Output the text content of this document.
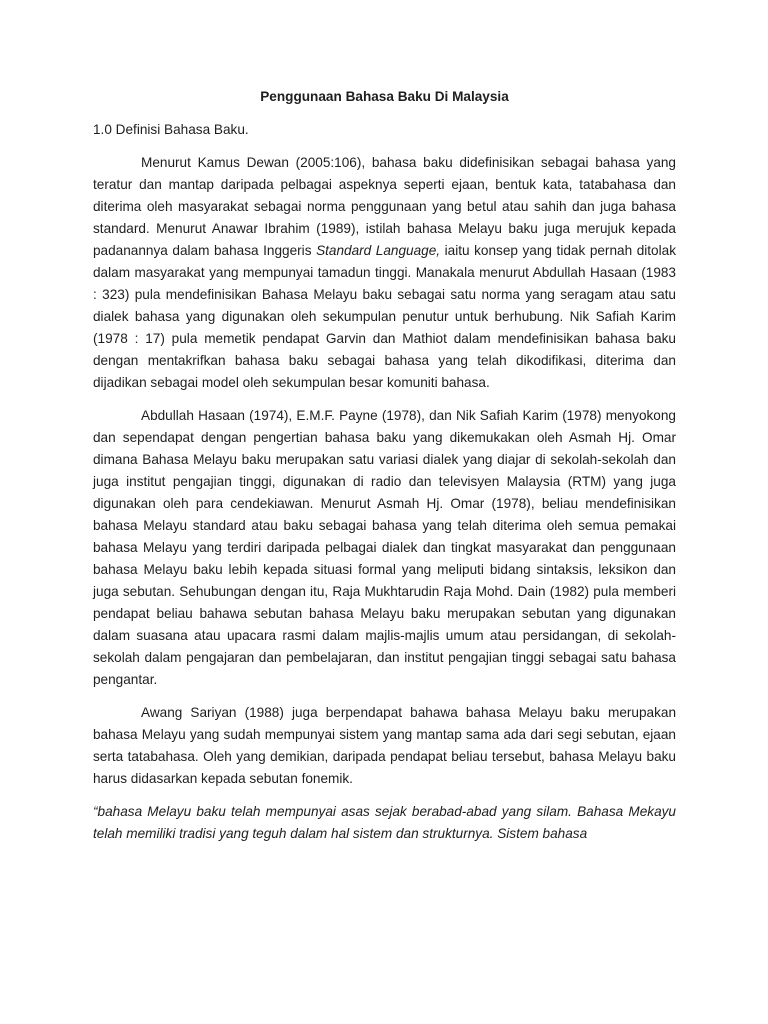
Penggunaan Bahasa Baku Di Malaysia
1.0 Definisi Bahasa Baku.

Menurut Kamus Dewan (2005:106), bahasa baku didefinisikan sebagai bahasa yang teratur dan mantap daripada pelbagai aspeknya seperti ejaan, bentuk kata, tatabahasa dan diterima oleh masyarakat sebagai norma penggunaan yang betul atau sahih dan juga bahasa standard. Menurut Anawar Ibrahim (1989), istilah bahasa Melayu baku juga merujuk kepada padanannya dalam bahasa Inggeris Standard Language, iaitu konsep yang tidak pernah ditolak dalam masyarakat yang mempunyai tamadun tinggi. Manakala menurut Abdullah Hasaan (1983 : 323) pula mendefinisikan Bahasa Melayu baku sebagai satu norma yang seragam atau satu dialek bahasa yang digunakan oleh sekumpulan penutur untuk berhubung. Nik Safiah Karim (1978 : 17) pula memetik pendapat Garvin dan Mathiot dalam mendefinisikan bahasa baku dengan mentakrifkan bahasa baku sebagai bahasa yang telah dikodifikasi, diterima dan dijadikan sebagai model oleh sekumpulan besar komuniti bahasa.

Abdullah Hasaan (1974), E.M.F. Payne (1978), dan Nik Safiah Karim (1978) menyokong dan sependapat dengan pengertian bahasa baku yang dikemukakan oleh Asmah Hj. Omar dimana Bahasa Melayu baku merupakan satu variasi dialek yang diajar di sekolah-sekolah dan juga institut pengajian tinggi, digunakan di radio dan televisyen Malaysia (RTM) yang juga digunakan oleh para cendekiawan. Menurut Asmah Hj. Omar (1978), beliau mendefinisikan bahasa Melayu standard atau baku sebagai bahasa yang telah diterima oleh semua pemakai bahasa Melayu yang terdiri daripada pelbagai dialek dan tingkat masyarakat dan penggunaan bahasa Melayu baku lebih kepada situasi formal yang meliputi bidang sintaksis, leksikon dan juga sebutan. Sehubungan dengan itu, Raja Mukhtarudin Raja Mohd. Dain (1982) pula memberi pendapat beliau bahawa sebutan bahasa Melayu baku merupakan sebutan yang digunakan dalam suasana atau upacara rasmi dalam majlis-majlis umum atau persidangan, di sekolah-sekolah dalam pengajaran dan pembelajaran, dan institut pengajian tinggi sebagai satu bahasa pengantar.

Awang Sariyan (1988) juga berpendapat bahawa bahasa Melayu baku merupakan bahasa Melayu yang sudah mempunyai sistem yang mantap sama ada dari segi sebutan, ejaan serta tatabahasa. Oleh yang demikian, daripada pendapat beliau tersebut, bahasa Melayu baku harus didasarkan kepada sebutan fonemik.

“bahasa Melayu baku telah mempunyai asas sejak berabad-abad yang silam. Bahasa Mekayu telah memiliki tradisi yang teguh dalam hal sistem dan strukturnya. Sistem bahasa
